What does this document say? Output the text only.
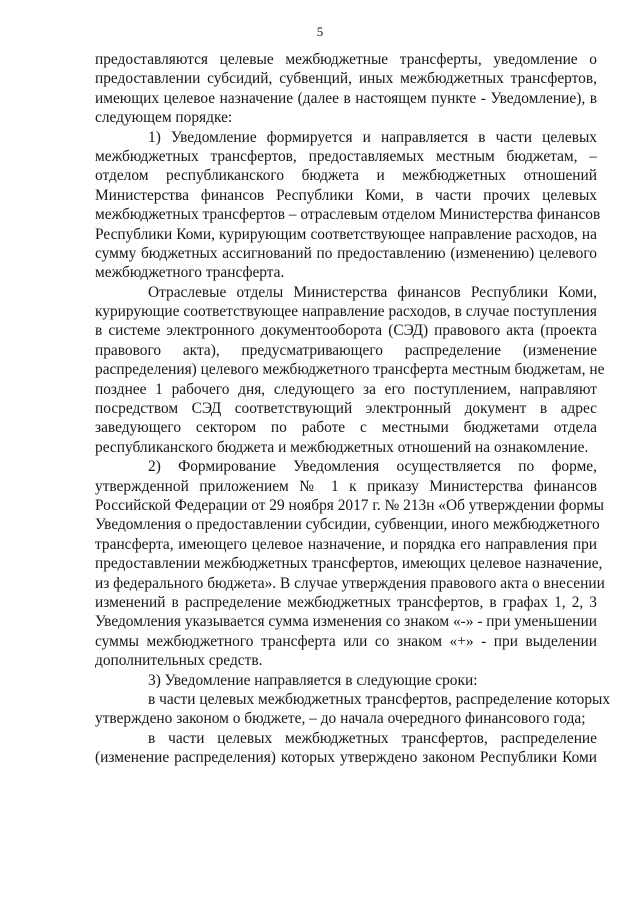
5
предоставляются целевые межбюджетные трансферты, уведомление о
предоставлении субсидий, субвенций, иных межбюджетных трансфертов,
имеющих целевое назначение (далее в настоящем пункте - Уведомление), в
следующем порядке:
1) Уведомление формируется и направляется в части целевых
межбюджетных трансфертов, предоставляемых местным бюджетам, –
отделом республиканского бюджета и межбюджетных отношений
Министерства финансов Республики Коми, в части прочих целевых
межбюджетных трансфертов – отраслевым отделом Министерства финансов
Республики Коми, курирующим соответствующее направление расходов, на
сумму бюджетных ассигнований по предоставлению (изменению) целевого
межбюджетного трансферта.
Отраслевые отделы Министерства финансов Республики Коми,
курирующие соответствующее направление расходов, в случае поступления
в системе электронного документооборота (СЭД) правового акта (проекта
правового акта), предусматривающего распределение (изменение
распределения) целевого межбюджетного трансферта местным бюджетам, не
позднее 1 рабочего дня, следующего за его поступлением, направляют
посредством СЭД соответствующий электронный документ в адрес
заведующего сектором по работе с местными бюджетами отдела
республиканского бюджета и межбюджетных отношений на ознакомление.
2) Формирование Уведомления осуществляется по форме,
утвержденной приложением № 1 к приказу Министерства финансов
Российской Федерации от 29 ноября 2017 г. № 213н «Об утверждении формы
Уведомления о предоставлении субсидии, субвенции, иного межбюджетного
трансферта, имеющего целевое назначение, и порядка его направления при
предоставлении межбюджетных трансфертов, имеющих целевое назначение,
из федерального бюджета». В случае утверждения правового акта о внесении
изменений в распределение межбюджетных трансфертов, в графах 1, 2, 3
Уведомления указывается сумма изменения со знаком «-» - при уменьшении
суммы межбюджетного трансферта или со знаком «+» - при выделении
дополнительных средств.
3) Уведомление направляется в следующие сроки:
в части целевых межбюджетных трансфертов, распределение которых
утверждено законом о бюджете, – до начала очередного финансового года;
в части целевых межбюджетных трансфертов, распределение
(изменение распределения) которых утверждено законом Республики Коми
